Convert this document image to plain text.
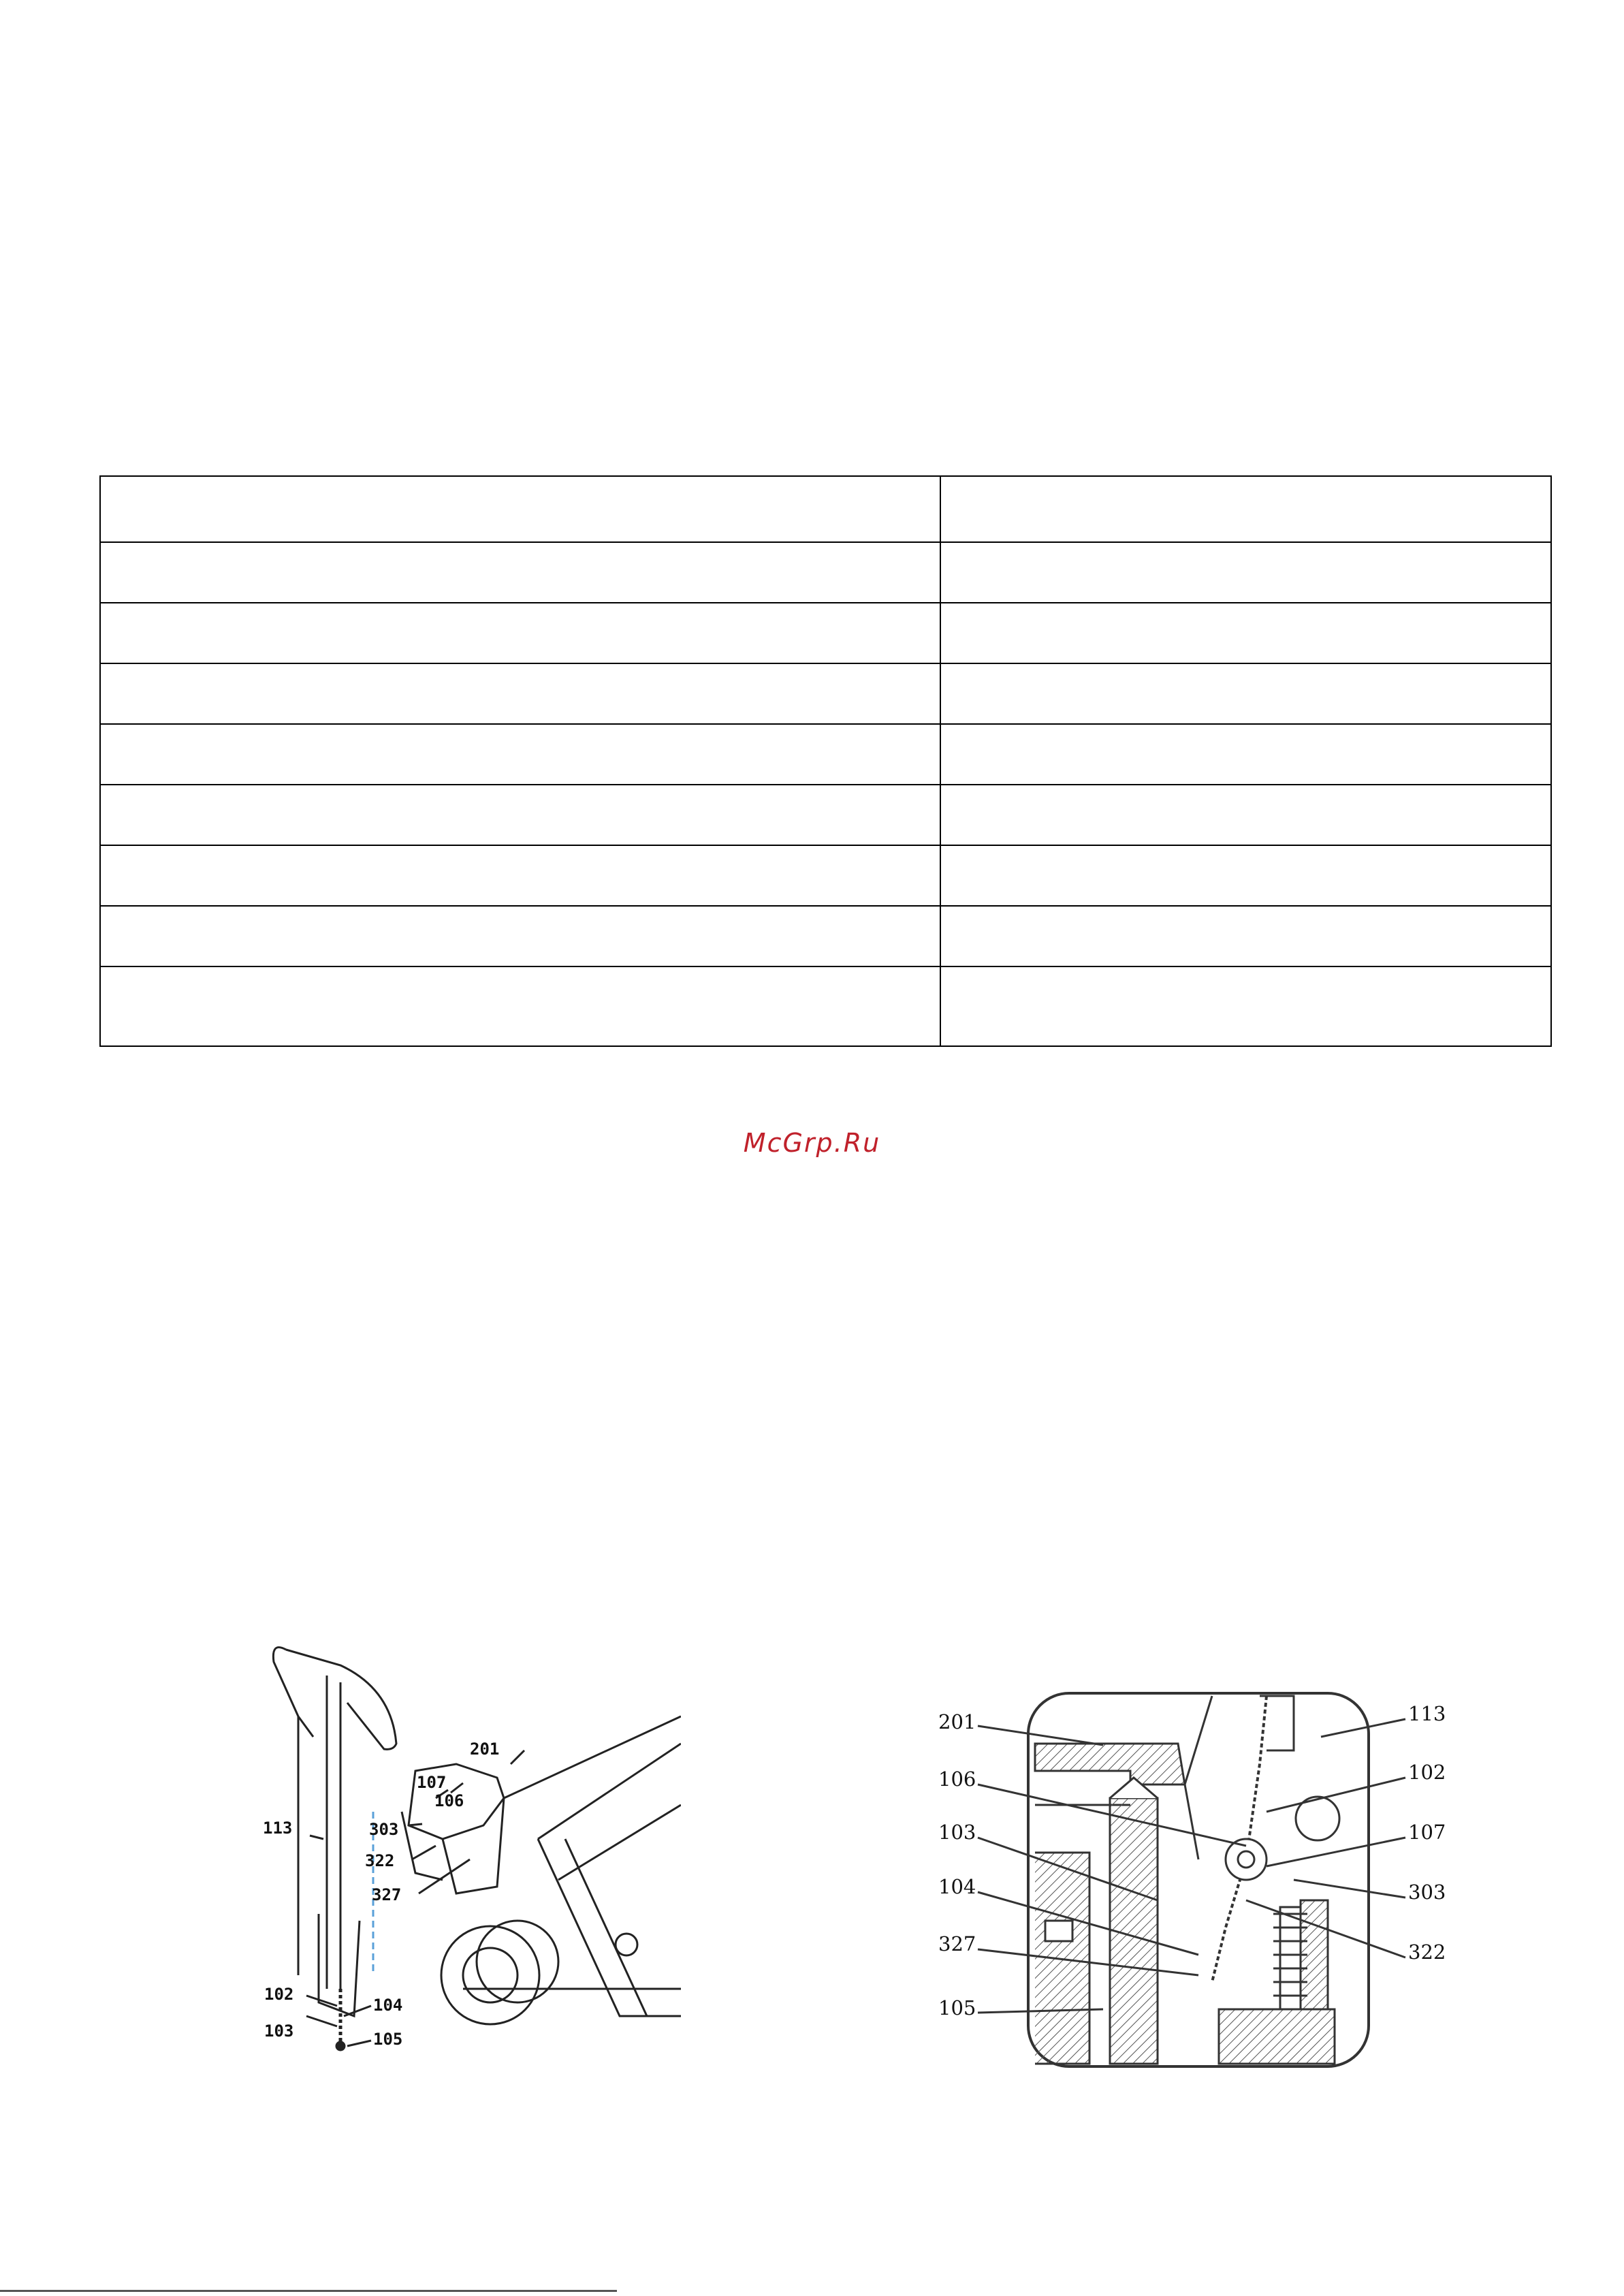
McGrp.Ru
113
107
106
201
303
322
327
102
104
103	105
201
106
103
104
327
105
113
102
107
303
322
